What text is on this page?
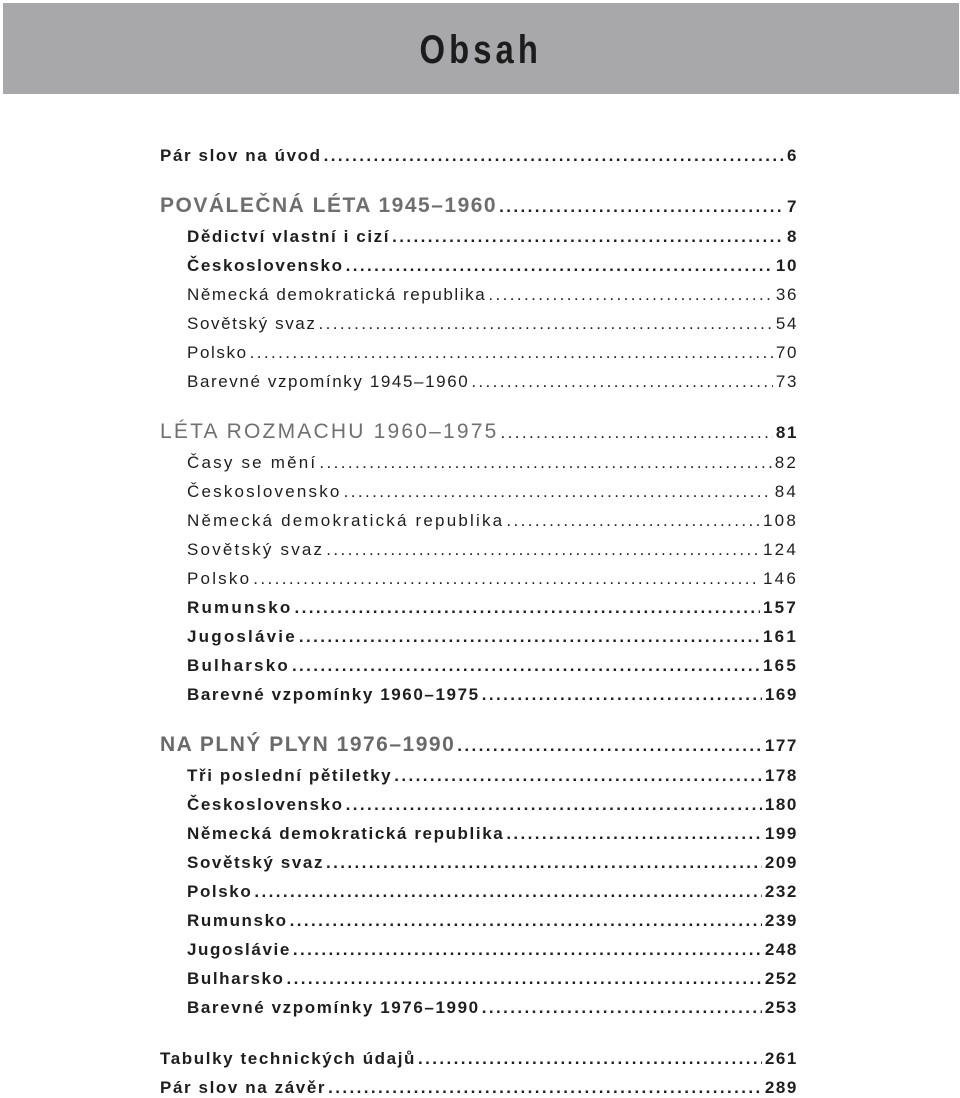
Obsah
Pár slov na úvod .....	6
POVÁLEČNÁ LÉTA 1945–1960 .....	7
Dědictví vlastní i cizí .....	8
Československo .....	10
Německá demokratická republika .....	36
Sovětský svaz .....	54
Polsko .....	70
Barevné vzpomínky 1945–1960 .....	73
LÉTA ROZMACHU 1960–1975 .....	81
Časy se mění .....	82
Československo .....	84
Německá demokratická republika .....	108
Sovětský svaz .....	124
Polsko .....	146
Rumunsko .....	157
Jugoslávie .....	161
Bulharsko .....	165
Barevné vzpomínky 1960–1975 .....	169
NA PLNÝ PLYN 1976–1990 .....	177
Tři poslední pětiletky .....	178
Československo .....	180
Německá demokratická republika .....	199
Sovětský svaz .....	209
Polsko .....	232
Rumunsko .....	239
Jugoslávie .....	248
Bulharsko .....	252
Barevné vzpomínky 1976–1990 .....	253
Tabulky technických údajů .....	261
Pár slov na závěr .....	289
